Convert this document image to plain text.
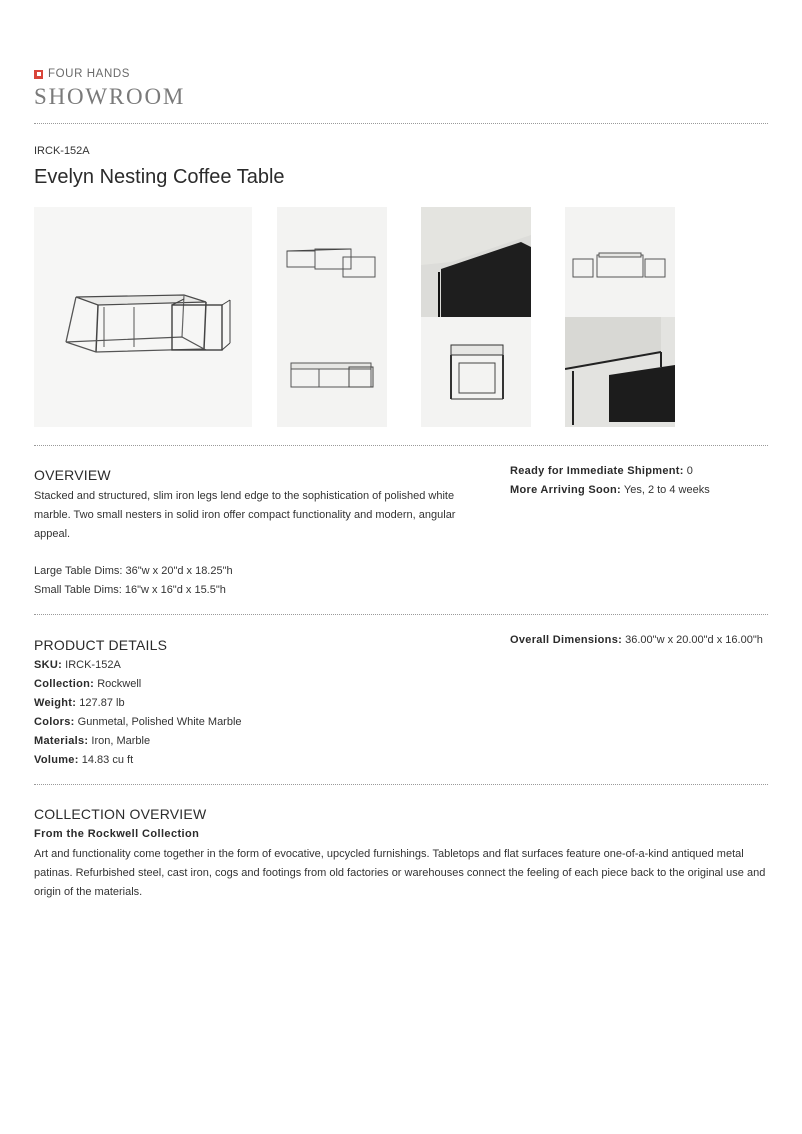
FOUR HANDS
SHOWROOM
IRCK-152A
Evelyn Nesting Coffee Table
OVERVIEW
Stacked and structured, slim iron legs lend edge to the sophistication of polished white marble. Two small nesters in solid iron offer compact functionality and modern, angular appeal.
Large Table Dims: 36"w x 20"d x 18.25"h
Small Table Dims: 16"w x 16"d x 15.5"h
Ready for Immediate Shipment: 0
More Arriving Soon: Yes, 2 to 4 weeks
PRODUCT DETAILS
SKU: IRCK-152A
Collection: Rockwell
Weight: 127.87 lb
Colors: Gunmetal, Polished White Marble
Materials: Iron, Marble
Volume: 14.83 cu ft
Overall Dimensions: 36.00"w x 20.00"d x 16.00"h
COLLECTION OVERVIEW
From the Rockwell Collection
Art and functionality come together in the form of evocative, upcycled furnishings. Tabletops and flat surfaces feature one-of-a-kind antiqued metal patinas. Refurbished steel, cast iron, cogs and footings from old factories or warehouses connect the feeling of each piece back to the original use and origin of the materials.
